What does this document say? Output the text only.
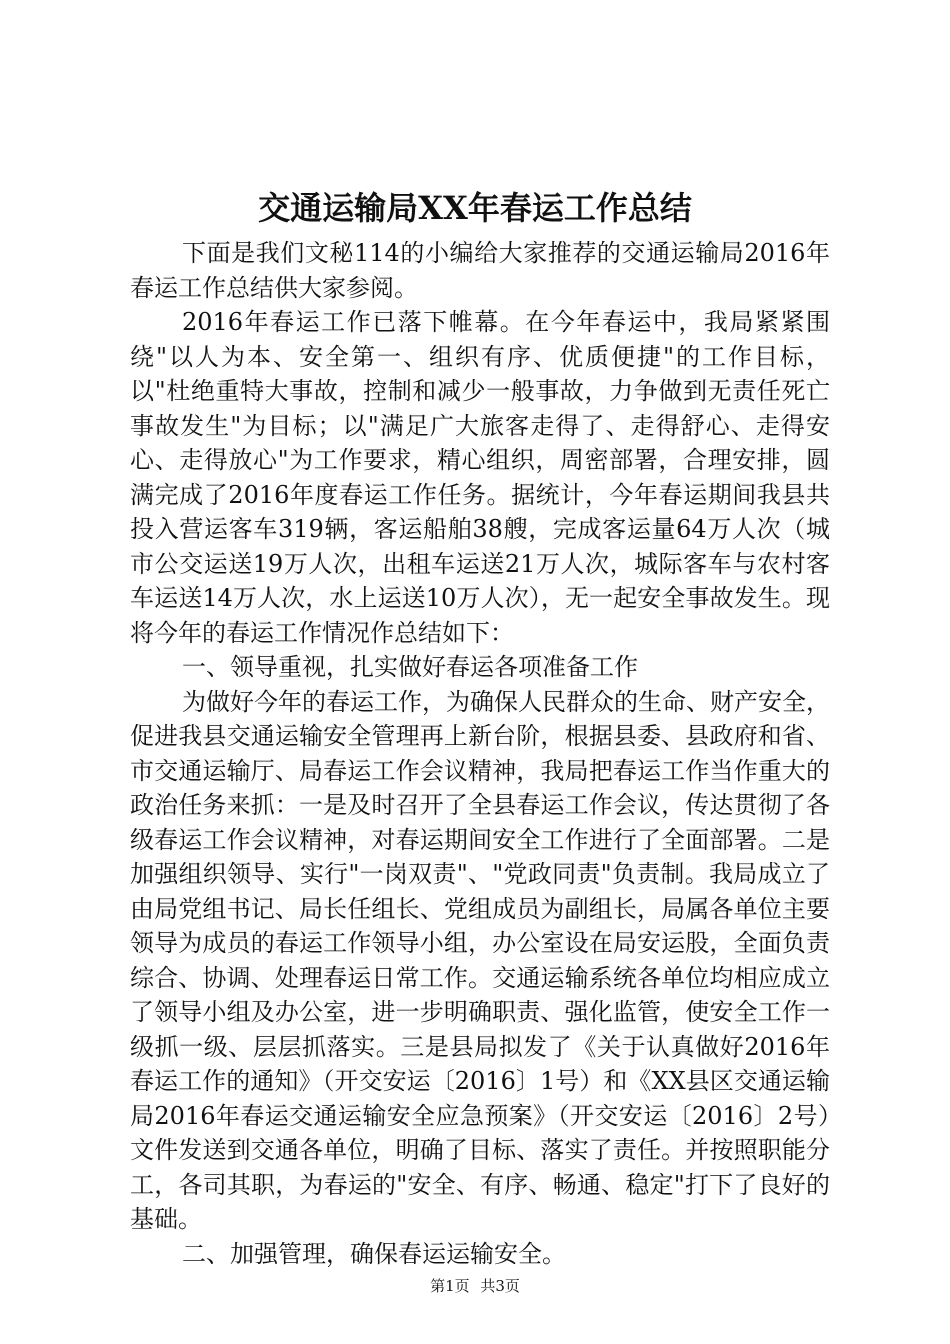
交通运输局XX年春运工作总结

下面是我们文秘114的小编给大家推荐的交通运输局2016年春运工作总结供大家参阅。

2016年春运工作已落下帷幕。在今年春运中，我局紧紧围绕"以人为本、安全第一、组织有序、优质便捷"的工作目标，以"杜绝重特大事故，控制和减少一般事故，力争做到无责任死亡事故发生"为目标；以"满足广大旅客走得了、走得舒心、走得安心、走得放心"为工作要求，精心组织，周密部署，合理安排，圆满完成了2016年度春运工作任务。据统计，今年春运期间我县共投入营运客车319辆，客运船舶38艘，完成客运量64万人次（城市公交运送19万人次，出租车运送21万人次，城际客车与农村客车运送14万人次，水上运送10万人次），无一起安全事故发生。现将今年的春运工作情况作总结如下：

一、领导重视，扎实做好春运各项准备工作

为做好今年的春运工作，为确保人民群众的生命、财产安全，促进我县交通运输安全管理再上新台阶，根据县委、县政府和省、市交通运输厅、局春运工作会议精神，我局把春运工作当作重大的政治任务来抓：一是及时召开了全县春运工作会议，传达贯彻了各级春运工作会议精神，对春运期间安全工作进行了全面部署。二是加强组织领导、实行"一岗双责"、"党政同责"负责制。我局成立了由局党组书记、局长任组长、党组成员为副组长，局属各单位主要领导为成员的春运工作领导小组，办公室设在局安运股，全面负责综合、协调、处理春运日常工作。交通运输系统各单位均相应成立了领导小组及办公室，进一步明确职责、强化监管，使安全工作一级抓一级、层层抓落实。三是县局拟发了《关于认真做好2016年春运工作的通知》（开交安运〔2016〕1号）和《XX县区交通运输局2016年春运交通运输安全应急预案》（开交安运〔2016〕2号）文件发送到交通各单位，明确了目标、落实了责任。并按照职能分工，各司其职，为春运的"安全、有序、畅通、稳定"打下了良好的基础。

二、加强管理，确保春运运输安全。

第1页 共3页
